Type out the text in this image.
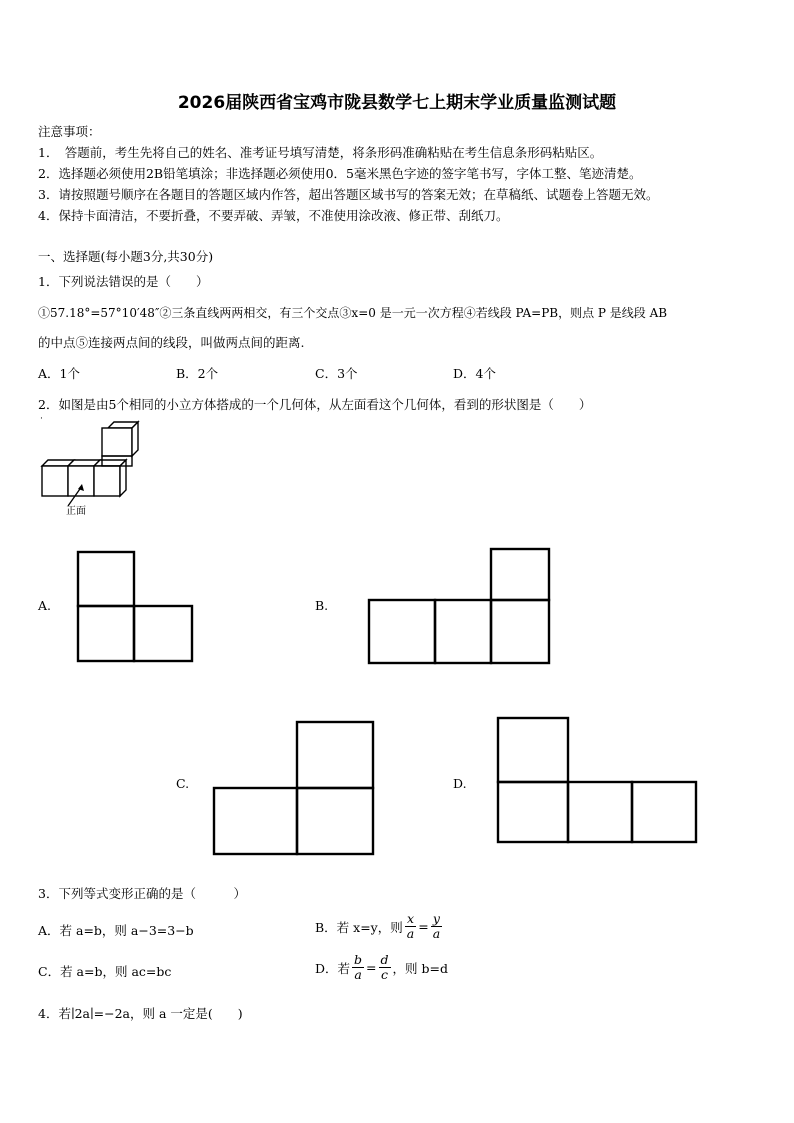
2026届陕西省宝鸡市陇县数学七上期末学业质量监测试题
注意事项：
1．　答题前，考生先将自己的姓名、准考证号填写清楚，将条形码准确粘贴在考生信息条形码粘贴区。
2．选择题必须使用2B铅笔填涂；非选择题必须使用0．5毫米黑色字迹的签字笔书写，字体工整、笔迹清楚。
3．请按照题号顺序在各题目的答题区域内作答，超出答题区域书写的答案无效；在草稿纸、试题卷上答题无效。
4．保持卡面清洁，不要折叠，不要弄破、弄皱，不准使用涂改液、修正带、刮纸刀。
一、选择题(每小题3分,共30分)
1．下列说法错误的是（　　）
①57.18°=57°10′48″②三条直线两两相交，有三个交点③x=0 是一元一次方程④若线段 PA=PB，则点 P 是线段 AB
的中点⑤连接两点间的线段，叫做两点间的距离.
A．1个	B．2个	C．3个	D．4个
2．如图是由5个相同的小立方体搭成的一个几何体，从左面看这个几何体，看到的形状图是（　　）
·
正面
A.	B.
C.	D.
3．下列等式变形正确的是（　　　）
A．若 a=b，则 a−3=3−b	B．若 x=y，则 $\frac{x}{a} = \frac{y}{a}$
C．若 a=b，则 ac=bc	D．若 $\frac{b}{a} = \frac{d}{c}$ ，则 b=d
4．若∣2a∣=−2a，则 a 一定是(　　)
